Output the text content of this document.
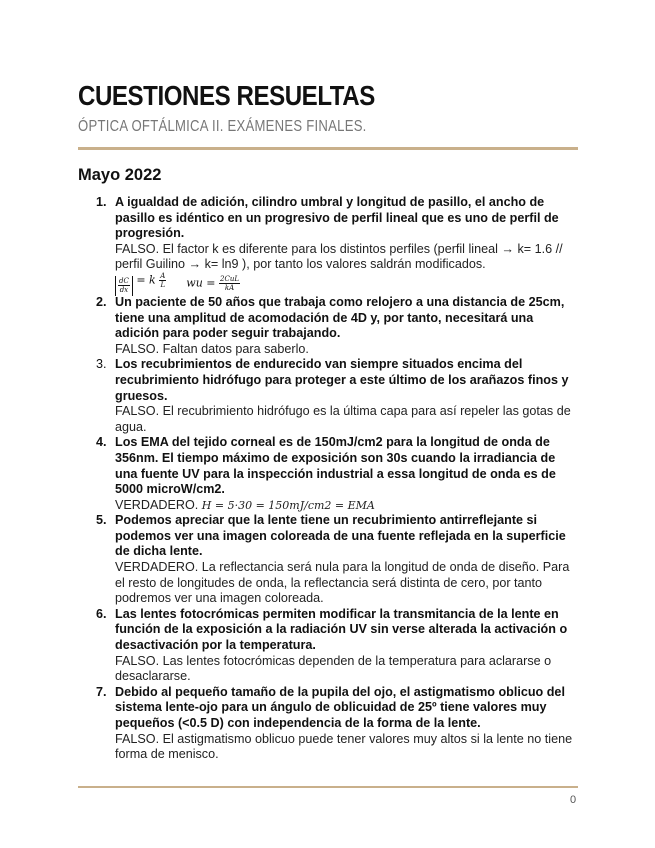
CUESTIONES RESUELTAS
ÓPTICA OFTÁLMICA II. EXÁMENES FINALES.
Mayo 2022
1. A igualdad de adición, cilindro umbral y longitud de pasillo, el ancho de pasillo es idéntico en un progresivo de perfil lineal que es uno de perfil de progresión.
FALSO. El factor k es diferente para los distintos perfiles (perfil lineal → k= 1.6 // perfil Guilino → k= ln9 ), por tanto los valores saldrán modificados.
$\frac{dC}{dx} = k \frac{A}{L}$ wu = $\frac{\text{2CuL}}{kA}$
2. Un paciente de 50 años que trabaja como relojero a una distancia de 25cm, tiene una amplitud de acomodación de 4D y, por tanto, necesitará una adición para poder seguir trabajando.
FALSO. Faltan datos para saberlo.
3. Los recubrimientos de endurecido van siempre situados encima del recubrimiento hidrófugo para proteger a este último de los arañazos finos y gruesos.
FALSO. El recubrimiento hidrófugo es la última capa para así repeler las gotas de agua.
4. Los EMA del tejido corneal es de 150mJ/cm2 para la longitud de onda de 356nm. El tiempo máximo de exposición son 30s cuando la irradiancia de una fuente UV para la inspección industrial a essa longitud de onda es de 5000 microW/cm2.
VERDADERO. H = 5·30 = 150mJ/cm2 = EMA
5. Podemos apreciar que la lente tiene un recubrimiento antirreflejante si podemos ver una imagen coloreada de una fuente reflejada en la superficie de dicha lente.
VERDADERO. La reflectancia será nula para la longitud de onda de diseño. Para el resto de longitudes de onda, la reflectancia será distinta de cero, por tanto podremos ver una imagen coloreada.
6. Las lentes fotocrómicas permiten modificar la transmitancia de la lente en función de la exposición a la radiación UV sin verse alterada la activación o desactivación por la temperatura.
FALSO. Las lentes fotocrómicas dependen de la temperatura para aclararse o desaclararse.
7. Debido al pequeño tamaño de la pupila del ojo, el astigmatismo oblicuo del sistema lente-ojo para un ángulo de oblicuidad de 25º tiene valores muy pequeños (<0.5 D) con independencia de la forma de la lente.
FALSO. El astigmatismo oblicuo puede tener valores muy altos si la lente no tiene forma de menisco.
0
